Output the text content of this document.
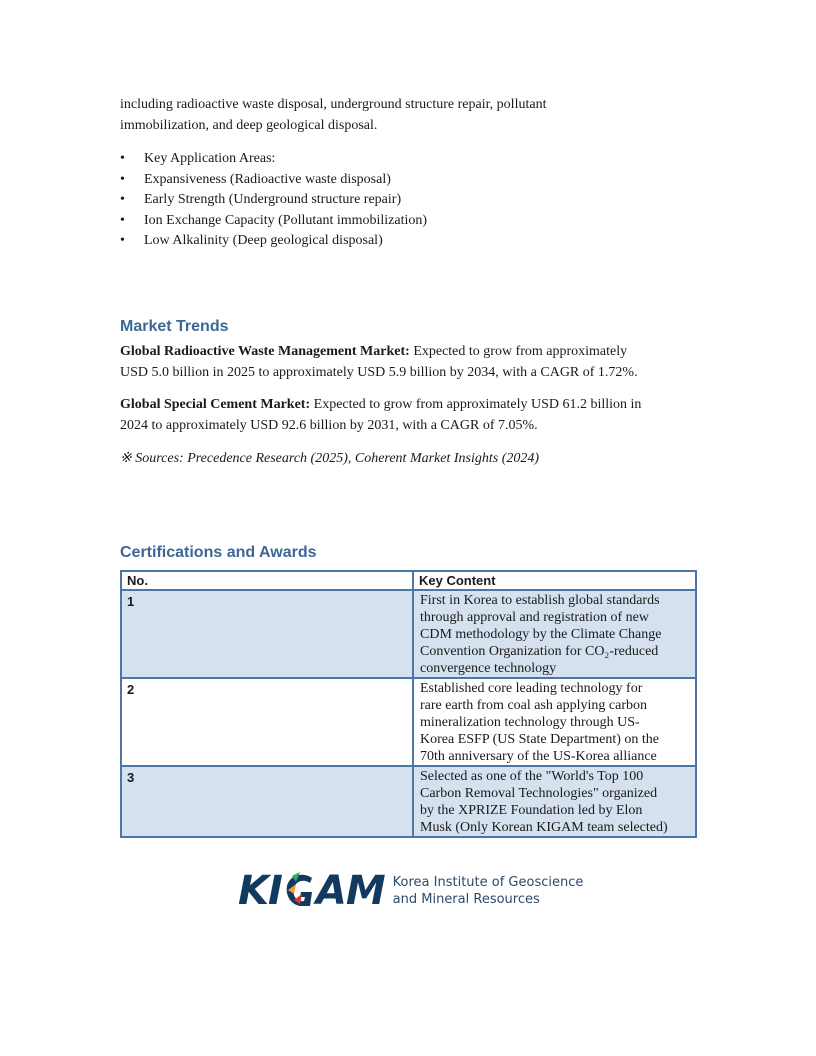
including radioactive waste disposal, underground structure repair, pollutant

immobilization, and deep geological disposal.

•	Key Application Areas:
•	Expansiveness (Radioactive waste disposal)
•	Early Strength (Underground structure repair)
•	Ion Exchange Capacity (Pollutant immobilization)
•	Low Alkalinity (Deep geological disposal)
Market Trends

Global Radioactive Waste Management Market: Expected to grow from approximately

USD 5.0 billion in 2025 to approximately USD 5.9 billion by 2034, with a CAGR of 1.72%.

Global Special Cement Market: Expected to grow from approximately USD 61.2 billion in

2024 to approximately USD 92.6 billion by 2031, with a CAGR of 7.05%.

※ Sources: Precedence Research (2025), Coherent Market Insights (2024)
Certifications and Awards
No.	Key Content
1	First in Korea to establish global standards
through approval and registration of new
CDM methodology by the Climate Change
Convention Organization for CO₂-reduced
convergence technology

2	Established core leading technology for
rare earth from coal ash applying carbon
mineralization technology through US-
Korea ESFP (US State Department) on the
70th anniversary of the US-Korea alliance

3	Selected as one of the "World's Top 100
Carbon Removal Technologies" organized
by the XPRIZE Foundation led by Elon
Musk (Only Korean KIGAM team selected)
KI AM Korea Institute of Geoscience
and Mineral Resources
